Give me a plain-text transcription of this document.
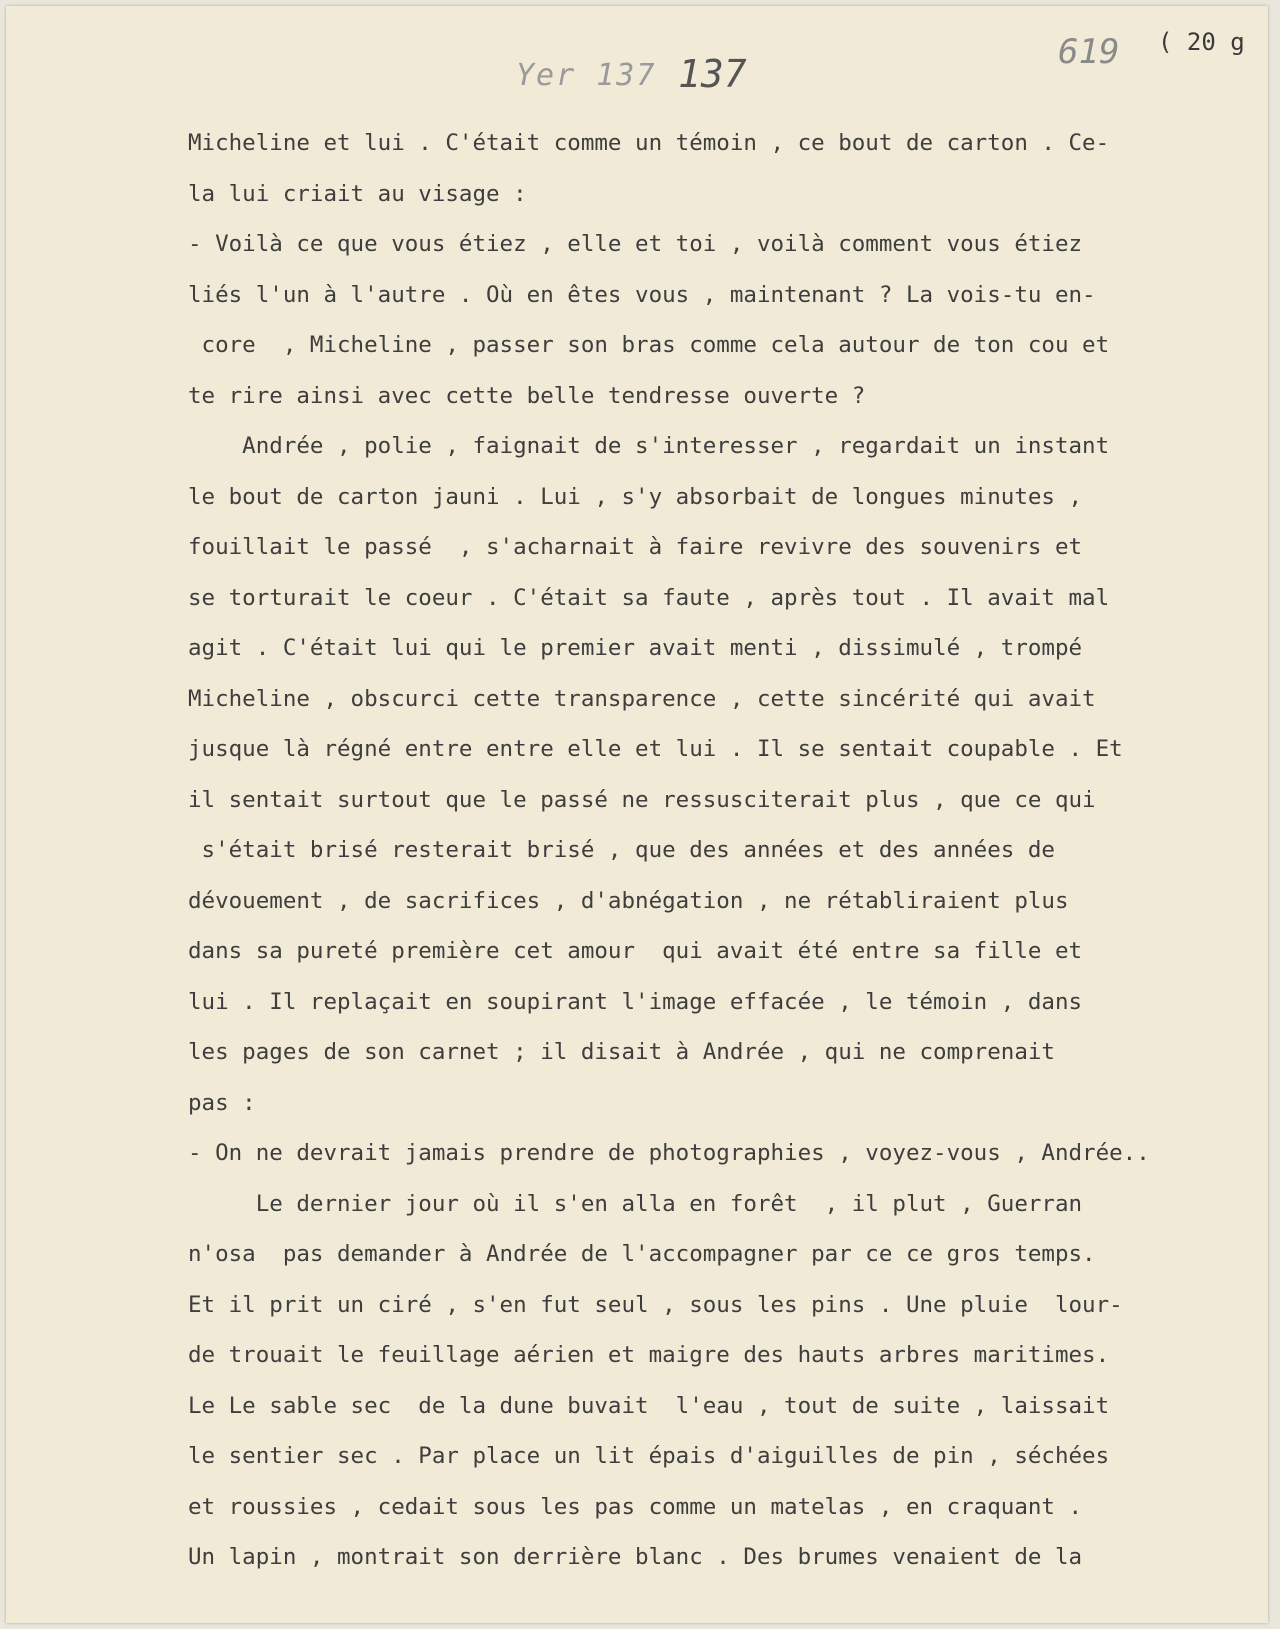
Yer 137 137	619 ( 20 g
Micheline et lui . C'était comme un témoin , ce bout de carton . Ce-
la lui criait au visage :
- Voilà ce que vous étiez , elle et toi , voilà comment vous étiez
liés l'un à l'autre . Où en êtes vous , maintenant ? La vois-tu en-
core  , Micheline , passer son bras comme cela autour de ton cou et
te rire ainsi avec cette belle tendresse ouverte ?
Andrée , polie , faignait de s'interesser , regardait un instant
le bout de carton jauni . Lui , s'y absorbait de longues minutes ,
fouillait le passé  , s'acharnait à faire revivre des souvenirs et
se torturait le coeur . C'était sa faute , après tout . Il avait mal
agit . C'était lui qui le premier avait menti , dissimulé , trompé
Micheline , obscurci cette transparence , cette sincérité qui avait
jusque là régné entre entre elle et lui . Il se sentait coupable . Et
il sentait surtout que le passé ne ressusciterait plus , que ce qui
s'était brisé resterait brisé , que des années et des années de
dévouement , de sacrifices , d'abnégation , ne rétabliraient plus
dans sa pureté première cet amour  qui avait été entre sa fille et
lui . Il replaçait en soupirant l'image effacée , le témoin , dans
les pages de son carnet ; il disait à Andrée , qui ne comprenait
pas :
- On ne devrait jamais prendre de photographies , voyez-vous , Andrée..
Le dernier jour où il s'en alla en forêt  , il plut , Guerran
n'osa  pas demander à Andrée de l'accompagner par ce ce gros temps.
Et il prit un ciré , s'en fut seul , sous les pins . Une pluie  lour-
de trouait le feuillage aérien et maigre des hauts arbres maritimes.
Le Le sable sec  de la dune buvait  l'eau , tout de suite , laissait
le sentier sec . Par place un lit épais d'aiguilles de pin , séchées
et roussies , cedait sous les pas comme un matelas , en craquant .
Un lapin , montrait son derrière blanc . Des brumes venaient de la
